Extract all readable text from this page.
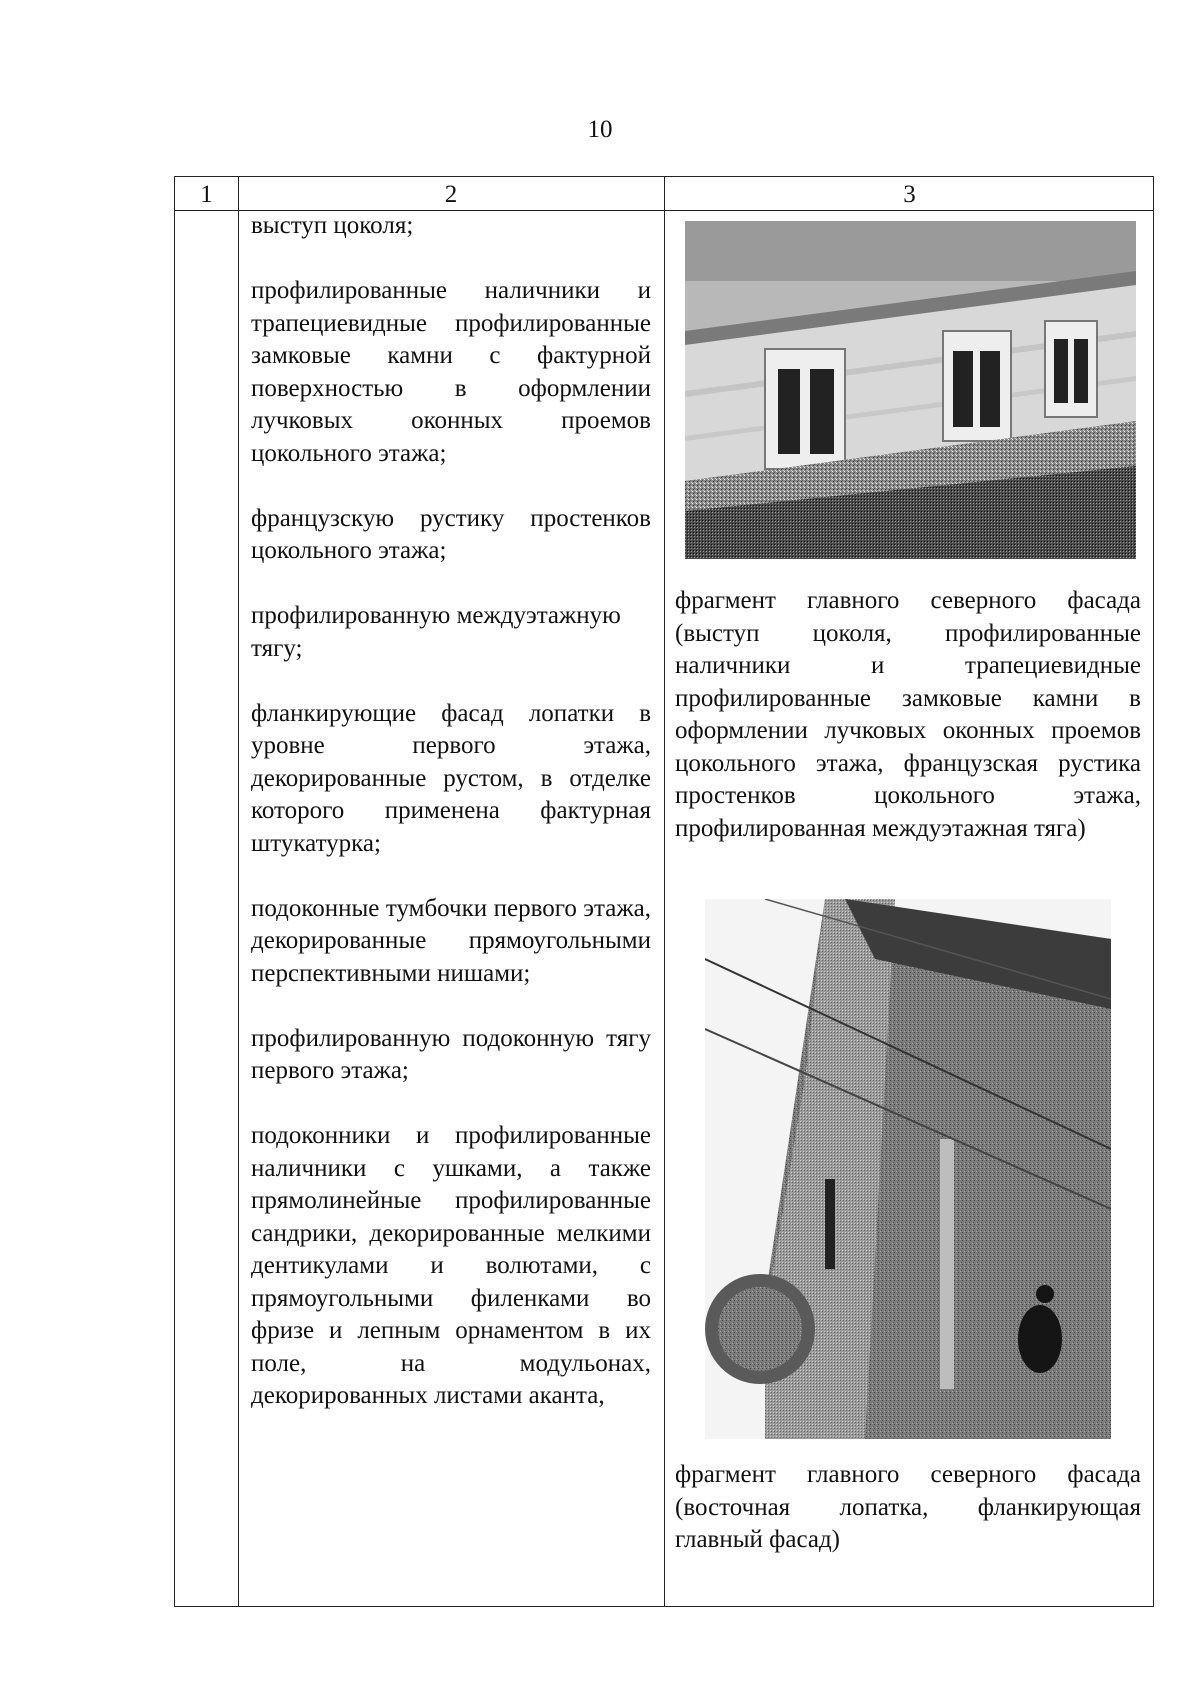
10
1	2	3

выступ цоколя;

профилированные наличники и трапециевидные профилированные замковые камни с фактурной поверхностью в оформлении лучковых оконных проемов цокольного этажа;

французскую рустику простенков цокольного этажа;

профилированную междуэтажную тягу;

фланкирующие фасад лопатки в уровне первого этажа, декорированные рустом, в отделке которого применена фактурная штукатурка;

подоконные тумбочки первого этажа, декорированные прямоугольными перспективными нишами;

профилированную подоконную тягу первого этажа;

подоконники и профилированные наличники с ушками, а также прямолинейные профилированные сандрики, декорированные мелкими дентикулами и волютами, с прямоугольными филенками во фризе и лепным орнаментом в их поле, на модульонах, декорированных листами аканта,

фрагмент главного северного фасада (выступ цоколя, профилированные наличники и трапециевидные профилированные замковые камни в оформлении лучковых оконных проемов цокольного этажа, французская рустика простенков цокольного этажа, профилированная междуэтажная тяга)

фрагмент главного северного фасада (восточная лопатка, фланкирующая главный фасад)
